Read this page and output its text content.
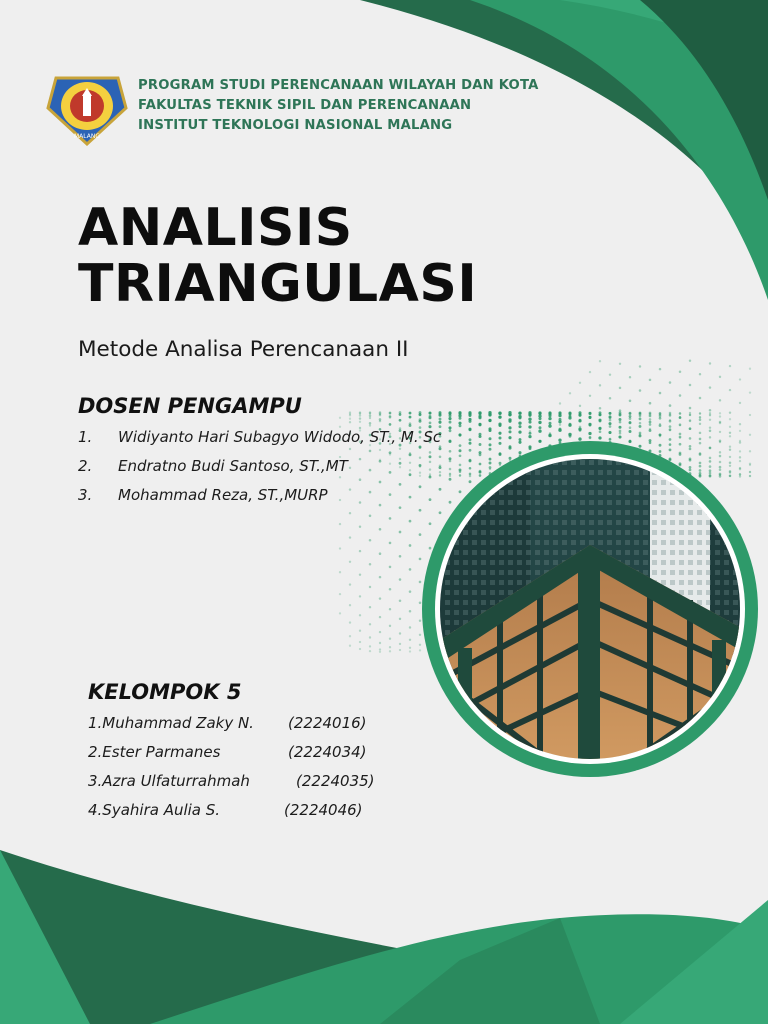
MALANG
PROGRAM STUDI PERENCANAAN WILAYAH DAN KOTA
FAKULTAS TEKNIK SIPIL DAN PERENCANAAN
INSTITUT TEKNOLOGI NASIONAL MALANG
ANALISIS
TRIANGULASI
Metode Analisa Perencanaan II
DOSEN PENGAMPU
1.	Widiyanto Hari Subagyo Widodo, ST., M. Sc
2.	Endratno Budi Santoso, ST.,MT
3.	Mohammad Reza, ST.,MURP
KELOMPOK 5
1.Muhammad Zaky N. (2224016)
2.Ester Parmanes	(2224034)
3.Azra Ulfaturrahmah	(2224035)
4.Syahira Aulia S.	(2224046)
